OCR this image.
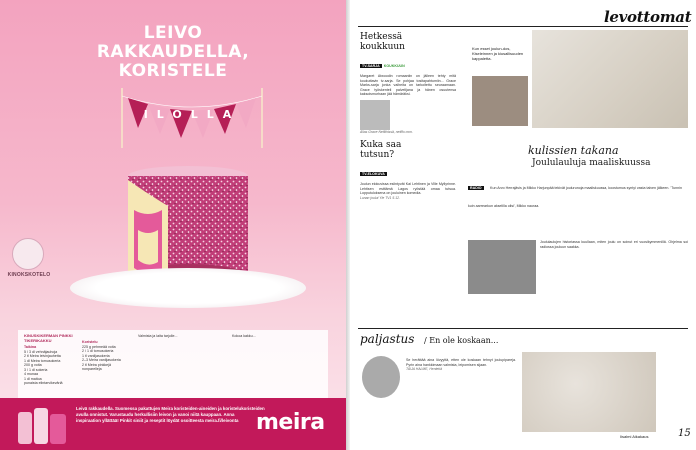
LEIVO
RAKKAUDELLA,
KORISTELE
ILOLLA
KINOKSKOTELO
KINUSKIKERMAN PINKKI TIKERIKAKKU
Taikina
5 / 3 dl vehnäjauhoja
2 tl Meira leivinjauhetta
1 dl Meira tomusokeria
200 g voita
3 / 1 dl sokeria
4 munaa
1 dl maitoa
punaista elintarvikeväriä
Koristelu
225 g pehmeää voita
2 / 1 dl tomusokeria
1 tl vaniljasokeria
2–3 Meira vaniljasokeria
2 tl Meira pinkkejä nonparelleja
Valmista ja laita tarjolle...	Kokoa kakku...
Leivä rakkaudella. Suomessa pakattujen Meira koristeiden-aineiden ja koristelukoristeiden
avulla onnistut. Varustaudu herkullisiin leivon ja vanoi niitä kauppaan. Anna
inspiraation yllättää! Pinkit siniit ja reseptit löydät osoitteesta meira.fi/leivonta meira
levottomat
Hetkessä
koukkuun
TV-SARJA KOUKKUUN
Margaret Atwoodin romaaniin on jälleen tehty mitä koukuttavin tv-sarja. Se pohjaa tositapahtumiin... Grace Marks-sarja jonka vaiheita on tarkoitettu seuraamaan. Grace työskenteli palvelijana ja hänen osuutensa kaksoismurhaan jää hämäräksi.
Alias Grace Netflixissä, netflix.com.
Kuka saa
tutsun?
TV-ELOKUVA
Joulun elokuvissa esiintyvät Kai Lehtinen ja Ville Myllyrinne. Lehtisen esittämä Lagos ryöstää omaa tutsua. Lopputuloksena on jouluinen komedia.
Lunan joulut Yle TV1 5.12.
Kun esset joulun-dos, Kiseleinnen ja kiusallisuuden kappaletta.
kulissien takana
Joululauluja maaliskuussa
RADIO Kun Arvo Herrajävis ja Mikko Harjunpää tekivät joulurunoja maaliskuussa, koostumus syntyi vasta talven jälkeen. 'Tunnin kuin aarrearkun akselilla olisi', Mikko nauraa.
Joululaulujen historiassa kuullaan, miten joulu on soinut eri vuosikymmenillä. Ohjelma soi radiossa jouluun saakka.
paljastus / En ole koskaan...
Se herättää aina lövyyttä, etten ole koskaan tehnyt joulupipareja. Pyrin aina hankkimaan valmista, leipomisen sijaan.
TAIJA HALME, Hentekä
Iisalmi Aikakaus	15
